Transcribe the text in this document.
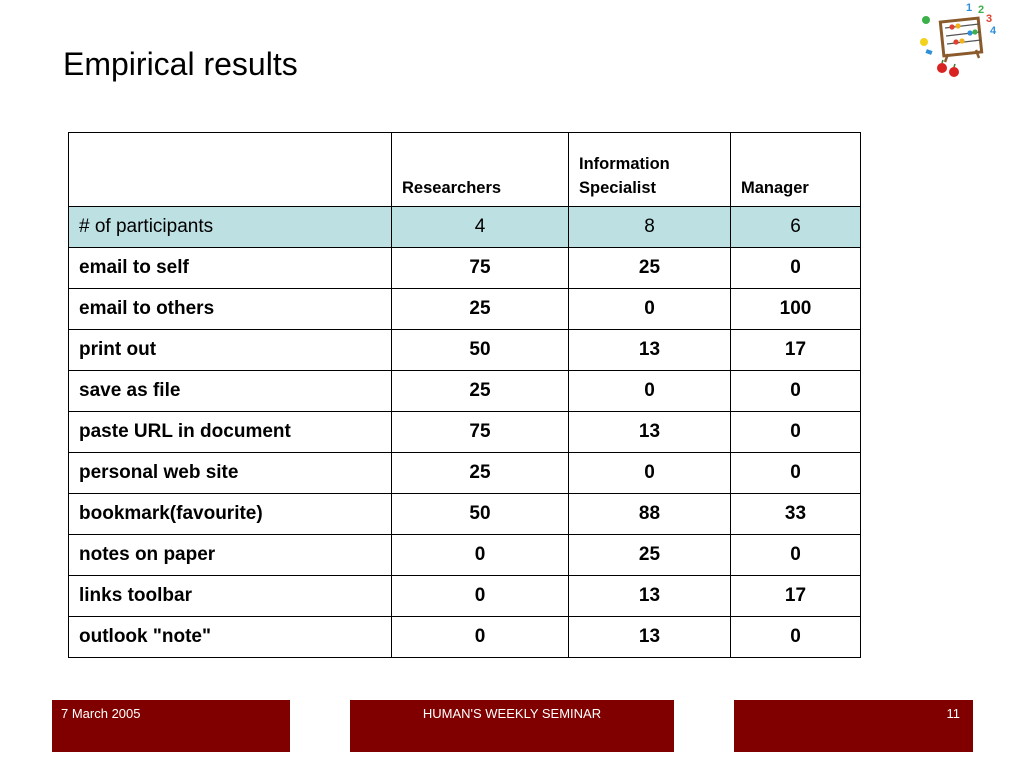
Empirical results
1 2
3
4
	Researchers	Information Specialist	Manager
# of participants	4	8	6
email to self	75	25	0
email to others	25	0	100
print out	50	13	17
save as file	25	0	0
paste URL in document	75	13	0
personal web site	25	0	0
bookmark(favourite)	50	88	33
notes on paper	0	25	0
links toolbar	0	13	17
outlook "note"	0	13	0
7 March 2005	HUMAN'S WEEKLY SEMINAR	11
